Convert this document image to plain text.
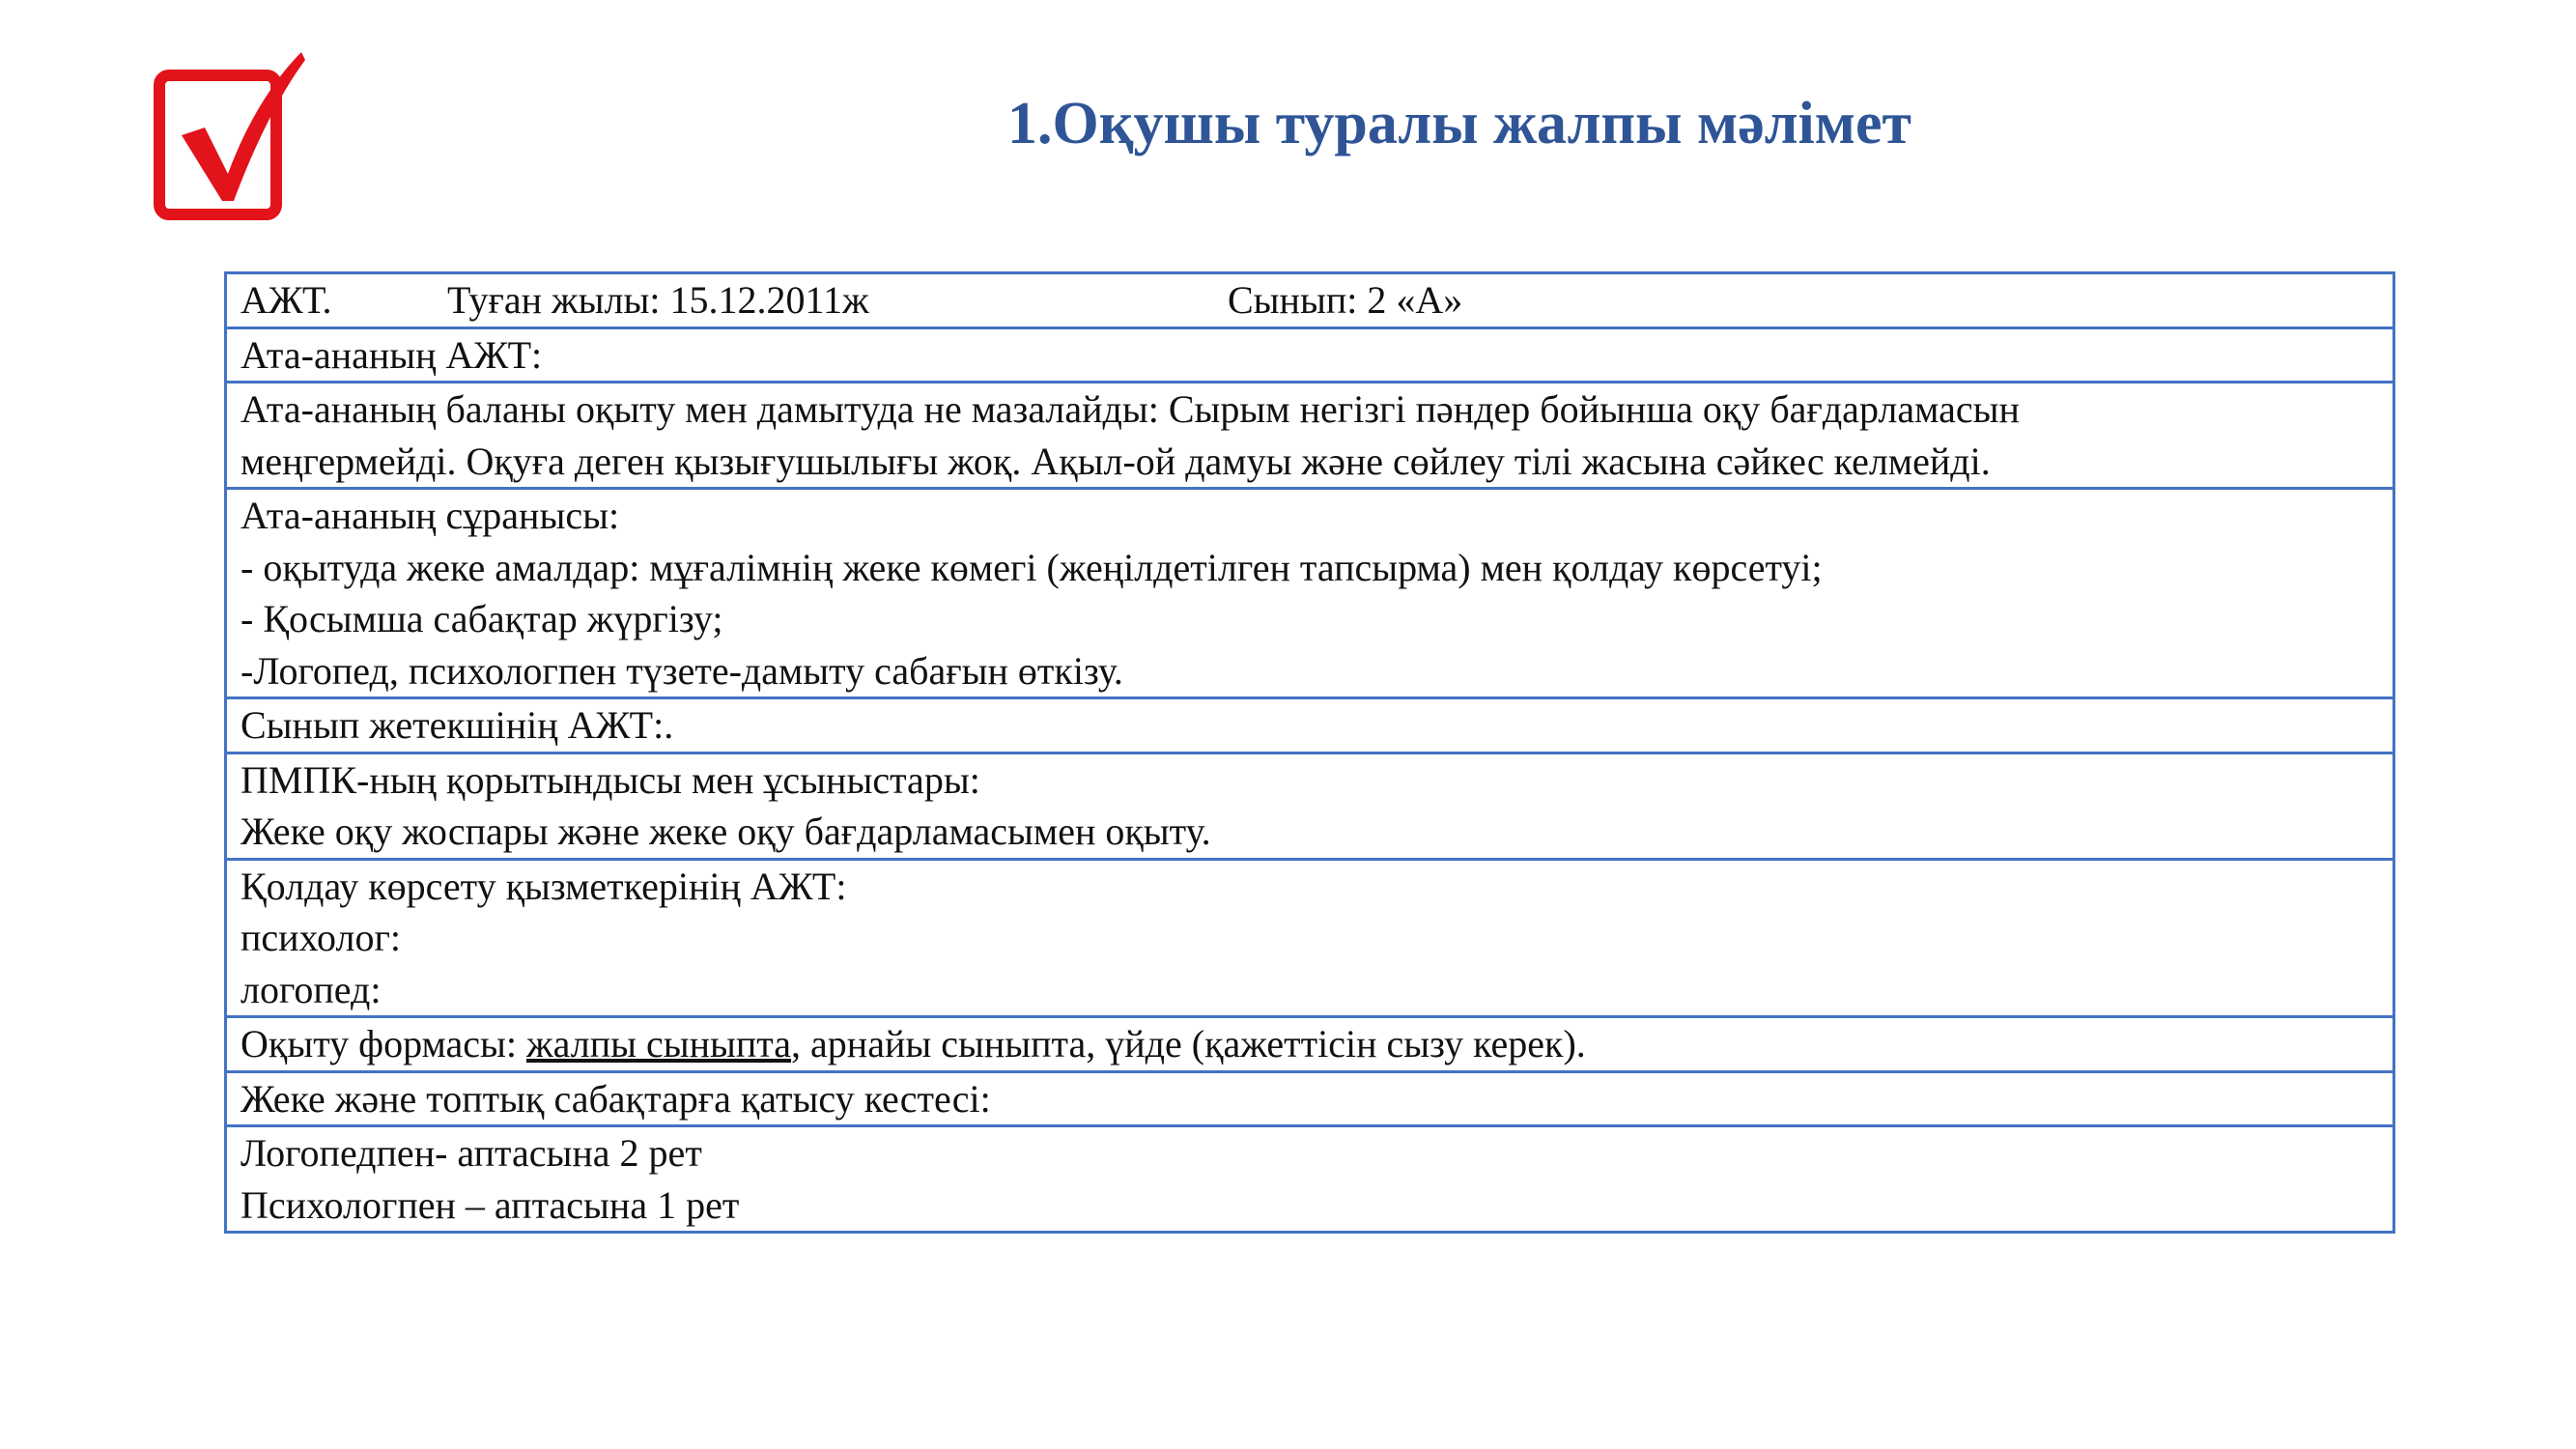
1.Оқушы туралы жалпы мәлімет
АЖТ.	Туған жылы: 15.12.2011ж	Сынып: 2 «А»

Ата-ананың АЖТ:

Ата-ананың баланы оқыту мен дамытуда не мазалайды: Сырым негізгі пәндер бойынша оқу бағдарламасын
меңгермейді. Оқуға деген қызығушылығы жоқ. Ақыл-ой дамуы және сөйлеу тілі жасына сәйкес келмейді.

Ата-ананың сұранысы:
- оқытуда жеке амалдар: мұғалімнің жеке көмегі (жеңілдетілген тапсырма) мен қолдау көрсетуі;
- Қосымша сабақтар жүргізу;
-Логопед, психологпен түзете-дамыту сабағын өткізу.

Сынып жетекшінің АЖТ:.

ПМПК-ның қорытындысы мен ұсыныстары:
Жеке оқу жоспары және жеке оқу бағдарламасымен оқыту.

Қолдау көрсету қызметкерінің АЖТ:
психолог:
логопед:

Оқыту формасы: жалпы сыныпта, арнайы сыныпта, үйде (қажеттісін сызу керек).

Жеке және топтық сабақтарға қатысу кестесі:

Логопедпен- аптасына 2 рет
Психологпен – аптасына 1 рет
